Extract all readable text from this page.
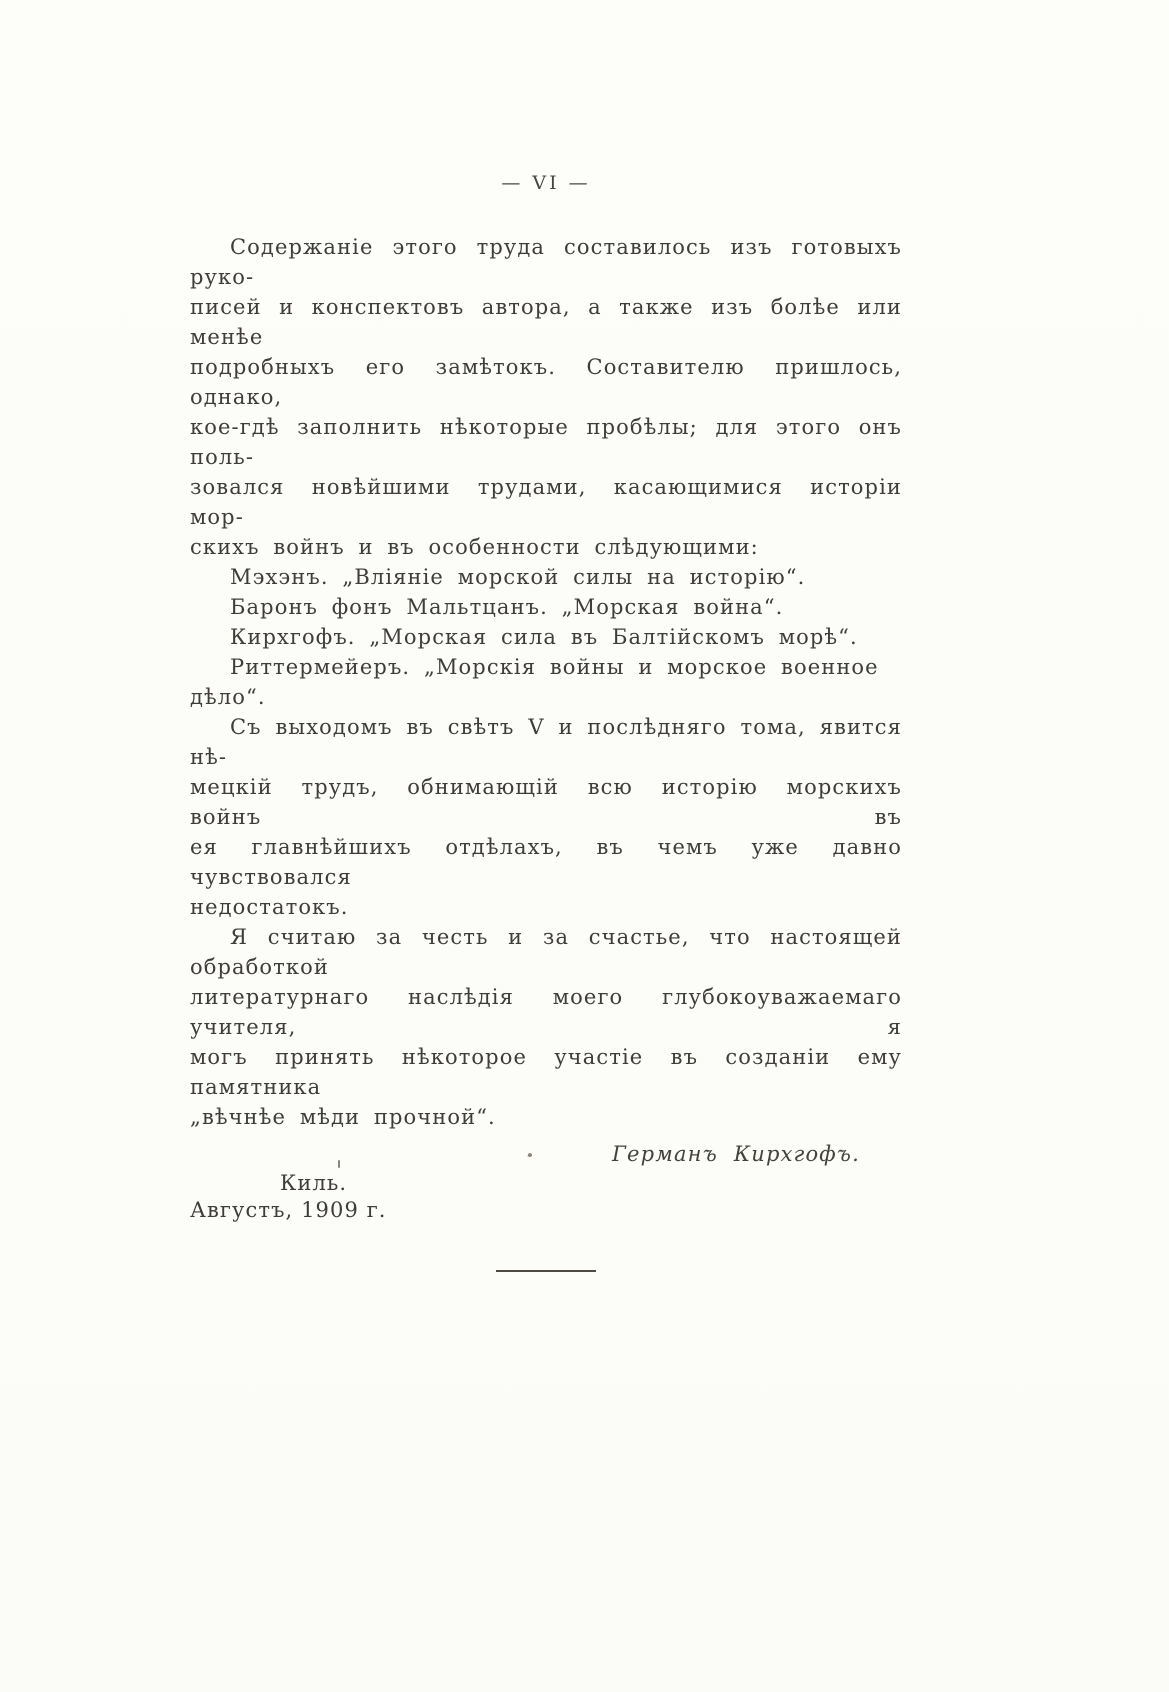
— VI —
Содержаніе этого труда составилось изъ готовыхъ руко-
писей и конспектовъ автора, а также изъ болѣе или менѣе
подробныхъ его замѣтокъ. Составителю пришлось, однако,
кое-гдѣ заполнить нѣкоторые пробѣлы; для этого онъ поль-
зовался новѣйшими трудами, касающимися исторіи мор-
скихъ войнъ и въ особенности слѣдующими:
Мэхэнъ. „Вліяніе морской силы на исторію“.
Баронъ фонъ Мальтцанъ. „Морская война“.
Кирхгофъ. „Морская сила въ Балтійскомъ морѣ“.
Риттермейеръ. „Морскія войны и морское военное дѣло“.
Съ выходомъ въ свѣтъ V и послѣдняго тома, явится нѣ-
мецкій трудъ, обнимающій всю исторію морскихъ войнъ въ
ея главнѣйшихъ отдѣлахъ, въ чемъ уже давно чувствовался
недостатокъ.
Я считаю за честь и за счастье, что настоящей обработкой
литературнаго наслѣдія моего глубокоуважаемаго учителя, я
могъ принять нѣкоторое участіе въ созданіи ему памятника
„вѣчнѣе мѣди прочной“.
Германъ Кирхгофъ.
Киль.
Августъ, 1909 г.
